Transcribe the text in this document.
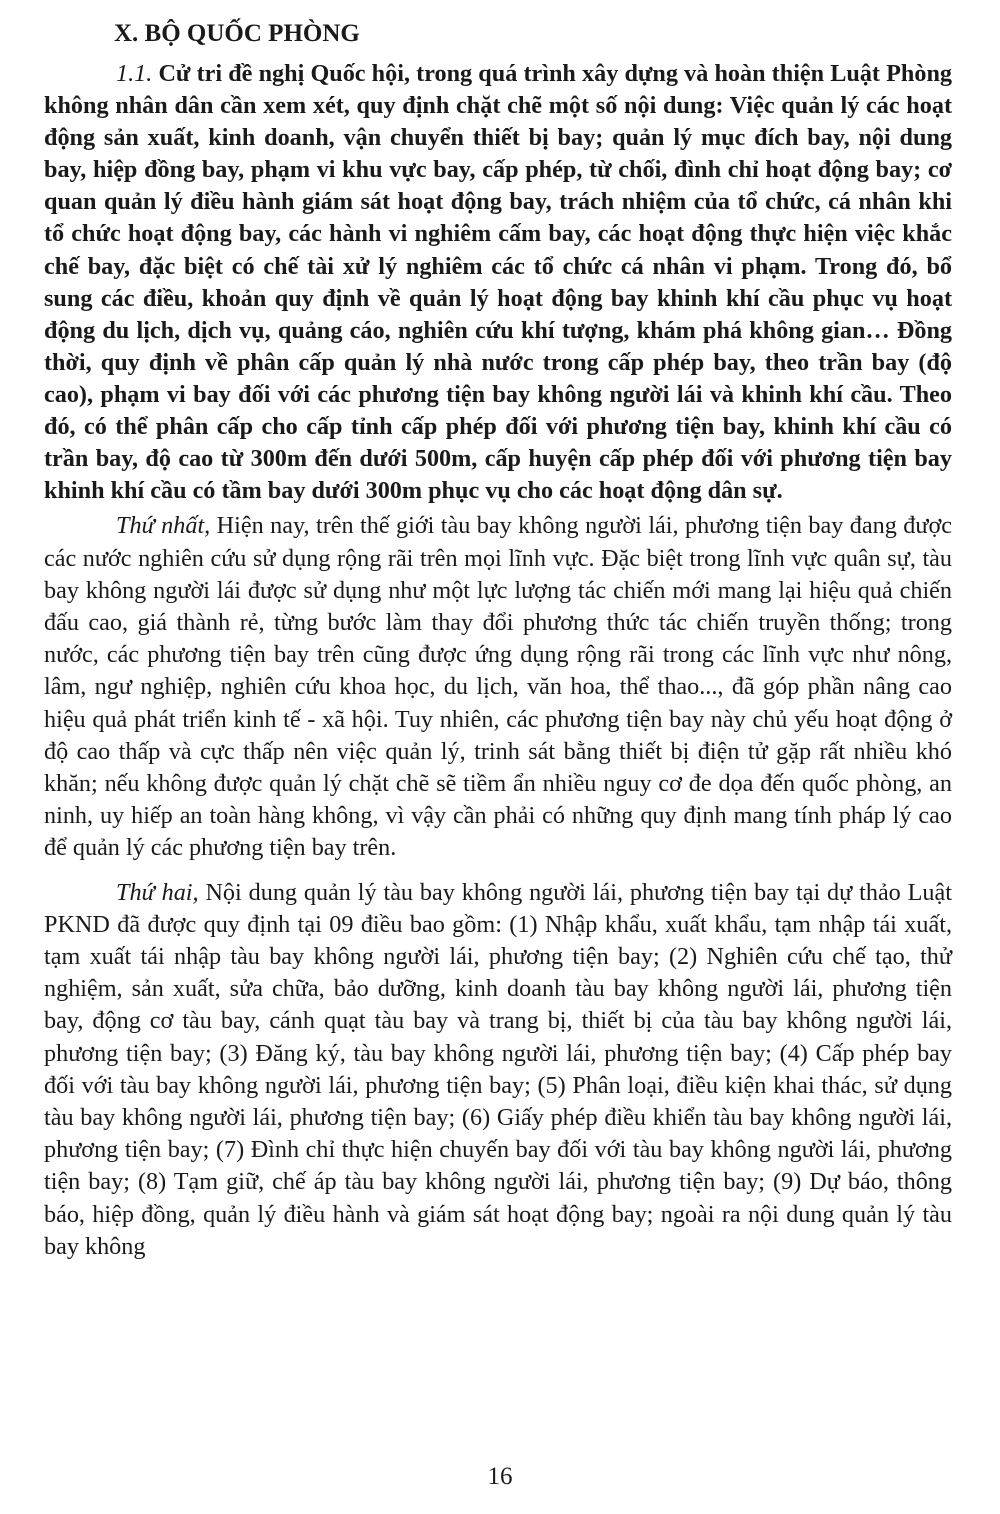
X. BỘ QUỐC PHÒNG

1.1. Cử tri đề nghị Quốc hội, trong quá trình xây dựng và hoàn thiện Luật Phòng không nhân dân cần xem xét, quy định chặt chẽ một số nội dung: Việc quản lý các hoạt động sản xuất, kinh doanh, vận chuyển thiết bị bay; quản lý mục đích bay, nội dung bay, hiệp đồng bay, phạm vi khu vực bay, cấp phép, từ chối, đình chỉ hoạt động bay; cơ quan quản lý điều hành giám sát hoạt động bay, trách nhiệm của tổ chức, cá nhân khi tổ chức hoạt động bay, các hành vi nghiêm cấm bay, các hoạt động thực hiện việc khắc chế bay, đặc biệt có chế tài xử lý nghiêm các tổ chức cá nhân vi phạm. Trong đó, bổ sung các điều, khoản quy định về quản lý hoạt động bay khinh khí cầu phục vụ hoạt động du lịch, dịch vụ, quảng cáo, nghiên cứu khí tượng, khám phá không gian… Đồng thời, quy định về phân cấp quản lý nhà nước trong cấp phép bay, theo trần bay (độ cao), phạm vi bay đối với các phương tiện bay không người lái và khinh khí cầu. Theo đó, có thể phân cấp cho cấp tỉnh cấp phép đối với phương tiện bay, khinh khí cầu có trần bay, độ cao từ 300m đến dưới 500m, cấp huyện cấp phép đối với phương tiện bay khinh khí cầu có tầm bay dưới 300m phục vụ cho các hoạt động dân sự.

Thứ nhất, Hiện nay, trên thế giới tàu bay không người lái, phương tiện bay đang được các nước nghiên cứu sử dụng rộng rãi trên mọi lĩnh vực. Đặc biệt trong lĩnh vực quân sự, tàu bay không người lái được sử dụng như một lực lượng tác chiến mới mang lại hiệu quả chiến đấu cao, giá thành rẻ, từng bước làm thay đổi phương thức tác chiến truyền thống; trong nước, các phương tiện bay trên cũng được ứng dụng rộng rãi trong các lĩnh vực như nông, lâm, ngư nghiệp, nghiên cứu khoa học, du lịch, văn hoa, thể thao..., đã góp phần nâng cao hiệu quả phát triển kinh tế - xã hội. Tuy nhiên, các phương tiện bay này chủ yếu hoạt động ở độ cao thấp và cực thấp nên việc quản lý, trinh sát bằng thiết bị điện tử gặp rất nhiều khó khăn; nếu không được quản lý chặt chẽ sẽ tiềm ẩn nhiều nguy cơ đe dọa đến quốc phòng, an ninh, uy hiếp an toàn hàng không, vì vậy cần phải có những quy định mang tính pháp lý cao để quản lý các phương tiện bay trên.

Thứ hai, Nội dung quản lý tàu bay không người lái, phương tiện bay tại dự thảo Luật PKND đã được quy định tại 09 điều bao gồm: (1) Nhập khẩu, xuất khẩu, tạm nhập tái xuất, tạm xuất tái nhập tàu bay không người lái, phương tiện bay; (2) Nghiên cứu chế tạo, thử nghiệm, sản xuất, sửa chữa, bảo dưỡng, kinh doanh tàu bay không người lái, phương tiện bay, động cơ tàu bay, cánh quạt tàu bay và trang bị, thiết bị của tàu bay không người lái, phương tiện bay; (3) Đăng ký, tàu bay không người lái, phương tiện bay; (4) Cấp phép bay đối với tàu bay không người lái, phương tiện bay; (5) Phân loại, điều kiện khai thác, sử dụng tàu bay không người lái, phương tiện bay; (6) Giấy phép điều khiển tàu bay không người lái, phương tiện bay; (7) Đình chỉ thực hiện chuyến bay đối với tàu bay không người lái, phương tiện bay; (8) Tạm giữ, chế áp tàu bay không người lái, phương tiện bay; (9) Dự báo, thông báo, hiệp đồng, quản lý điều hành và giám sát hoạt động bay; ngoài ra nội dung quản lý tàu bay không

16
